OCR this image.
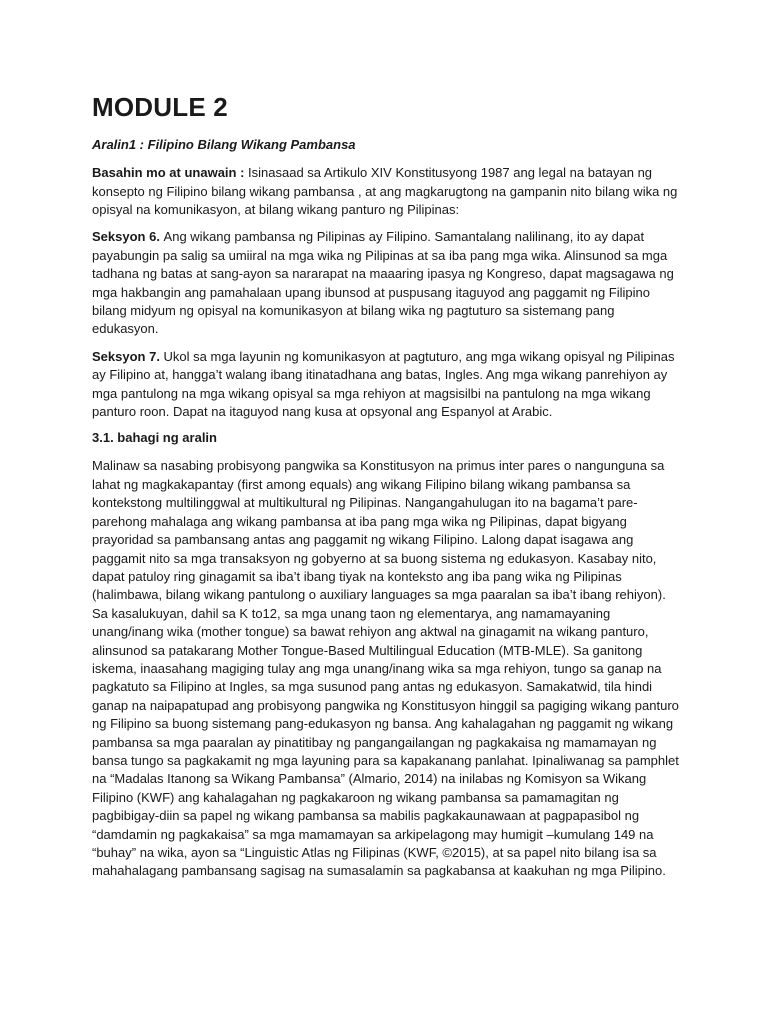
MODULE 2
Aralin1 : Filipino Bilang Wikang Pambansa

Basahin mo at unawain : Isinasaad sa Artikulo XIV Konstitusyong 1987 ang legal na batayan ng konsepto ng Filipino bilang wikang pambansa , at ang magkarugtong na gampanin nito bilang wika ng opisyal na komunikasyon, at bilang wikang panturo ng Pilipinas:

Seksyon 6. Ang wikang pambansa ng Pilipinas ay Filipino. Samantalang nalilinang, ito ay dapat payabungin pa salig sa umiiral na mga wika ng Pilipinas at sa iba pang mga wika. Alinsunod sa mga tadhana ng batas at sang-ayon sa nararapat na maaaring ipasya ng Kongreso, dapat magsagawa ng mga hakbangin ang pamahalaan upang ibunsod at puspusang itaguyod ang paggamit ng Filipino bilang midyum ng opisyal na komunikasyon at bilang wika ng pagtuturo sa sistemang pang edukasyon.

Seksyon 7. Ukol sa mga layunin ng komunikasyon at pagtuturo, ang mga wikang opisyal ng Pilipinas ay Filipino at, hangga’t walang ibang itinatadhana ang batas, Ingles. Ang mga wikang panrehiyon ay mga pantulong na mga wikang opisyal sa mga rehiyon at magsisilbi na pantulong na mga wikang panturo roon. Dapat na itaguyod nang kusa at opsyonal ang Espanyol at Arabic.

3.1. bahagi ng aralin

Malinaw sa nasabing probisyong pangwika sa Konstitusyon na primus inter pares o nangunguna sa lahat ng magkakapantay (first among equals) ang wikang Filipino bilang wikang pambansa sa kontekstong multilinggwal at multikultural ng Pilipinas. Nangangahulugan ito na bagama’t pare-parehong mahalaga ang wikang pambansa at iba pang mga wika ng Pilipinas, dapat bigyang prayoridad sa pambansang antas ang paggamit ng wikang Filipino. Lalong dapat isagawa ang paggamit nito sa mga transaksyon ng gobyerno at sa buong sistema ng edukasyon. Kasabay nito, dapat patuloy ring ginagamit sa iba’t ibang tiyak na konteksto ang iba pang wika ng Pilipinas (halimbawa, bilang wikang pantulong o auxiliary languages sa mga paaralan sa iba’t ibang rehiyon). Sa kasalukuyan, dahil sa K to12, sa mga unang taon ng elementarya, ang namamayaning unang/inang wika (mother tongue) sa bawat rehiyon ang aktwal na ginagamit na wikang panturo, alinsunod sa patakarang Mother Tongue-Based Multilingual Education (MTB-MLE). Sa ganitong iskema, inaasahang magiging tulay ang mga unang/inang wika sa mga rehiyon, tungo sa ganap na pagkatuto sa Filipino at Ingles, sa mga susunod pang antas ng edukasyon. Samakatwid, tila hindi ganap na naipapatupad ang probisyong pangwika ng Konstitusyon hinggil sa pagiging wikang panturo ng Filipino sa buong sistemang pang-edukasyon ng bansa. Ang kahalagahan ng paggamit ng wikang pambansa sa mga paaralan ay pinatitibay ng pangangailangan ng pagkakaisa ng mamamayan ng bansa tungo sa pagkakamit ng mga layuning para sa kapakanang panlahat. Ipinaliwanag sa pamphlet na “Madalas Itanong sa Wikang Pambansa” (Almario, 2014) na inilabas ng Komisyon sa Wikang Filipino (KWF) ang kahalagahan ng pagkakaroon ng wikang pambansa sa pamamagitan ng pagbibigay-diin sa papel ng wikang pambansa sa mabilis pagkakaunawaan at pagpapasibol ng “damdamin ng pagkakaisa” sa mga mamamayan sa arkipelagong may humigit –kumulang 149 na “buhay” na wika, ayon sa “Linguistic Atlas ng Filipinas (KWF, ©2015), at sa papel nito bilang isa sa mahahalagang pambansang sagisag na sumasalamin sa pagkabansa at kaakuhan ng mga Pilipino.
